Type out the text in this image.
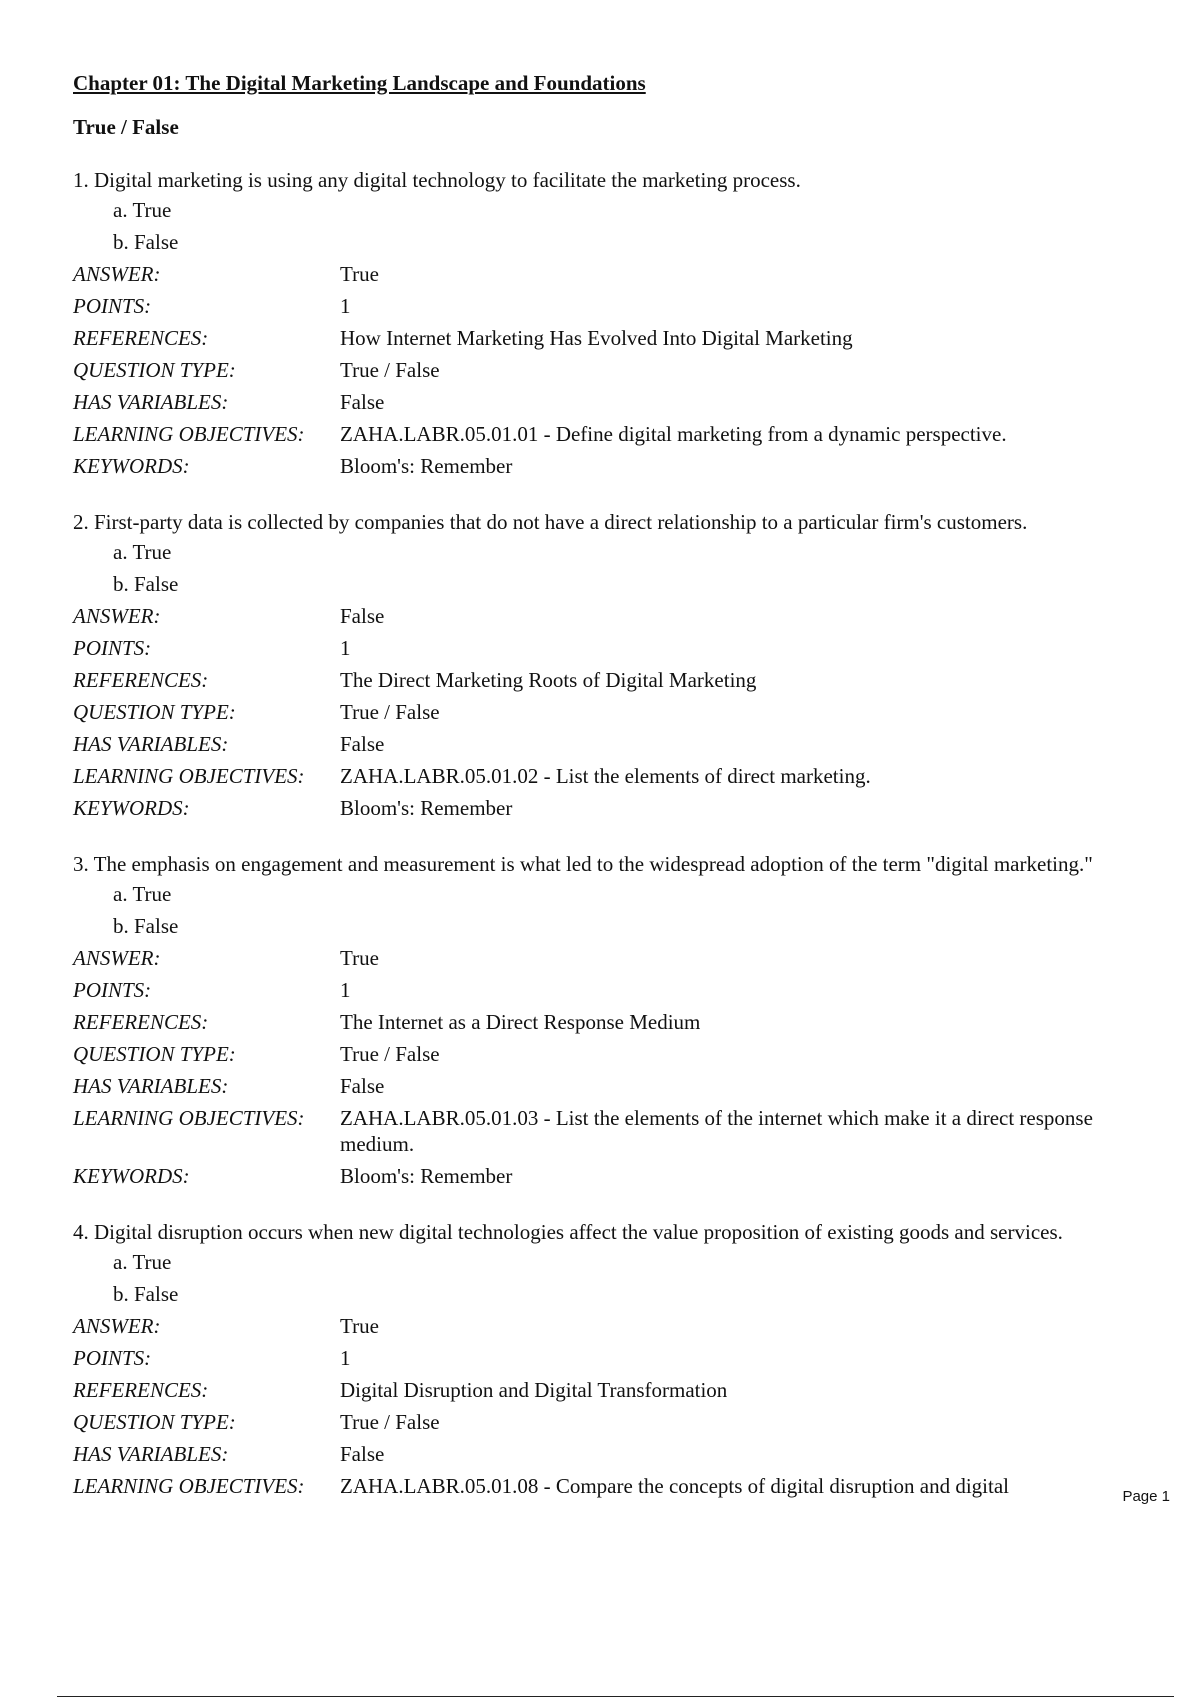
Chapter 01: The Digital Marketing Landscape and Foundations
True / False
1. Digital marketing is using any digital technology to facilitate the marketing process.
a. True
b. False
ANSWER:	True
POINTS:	1
REFERENCES:	How Internet Marketing Has Evolved Into Digital Marketing
QUESTION TYPE:	True / False
HAS VARIABLES:	False
LEARNING OBJECTIVES:	ZAHA.LABR.05.01.01 - Define digital marketing from a dynamic perspective.
KEYWORDS:	Bloom's: Remember
2. First-party data is collected by companies that do not have a direct relationship to a particular firm's customers.
a. True
b. False
ANSWER:	False
POINTS:	1
REFERENCES:	The Direct Marketing Roots of Digital Marketing
QUESTION TYPE:	True / False
HAS VARIABLES:	False
LEARNING OBJECTIVES:	ZAHA.LABR.05.01.02 - List the elements of direct marketing.
KEYWORDS:	Bloom's: Remember
3. The emphasis on engagement and measurement is what led to the widespread adoption of the term "digital marketing."
a. True
b. False
ANSWER:	True
POINTS:	1
REFERENCES:	The Internet as a Direct Response Medium
QUESTION TYPE:	True / False
HAS VARIABLES:	False
LEARNING OBJECTIVES:	ZAHA.LABR.05.01.03 - List the elements of the internet which make it a direct response medium.
KEYWORDS:	Bloom's: Remember
4. Digital disruption occurs when new digital technologies affect the value proposition of existing goods and services.
a. True
b. False
ANSWER:	True
POINTS:	1
REFERENCES:	Digital Disruption and Digital Transformation
QUESTION TYPE:	True / False
HAS VARIABLES:	False
LEARNING OBJECTIVES:	ZAHA.LABR.05.01.08 - Compare the concepts of digital disruption and digital	Page 1
